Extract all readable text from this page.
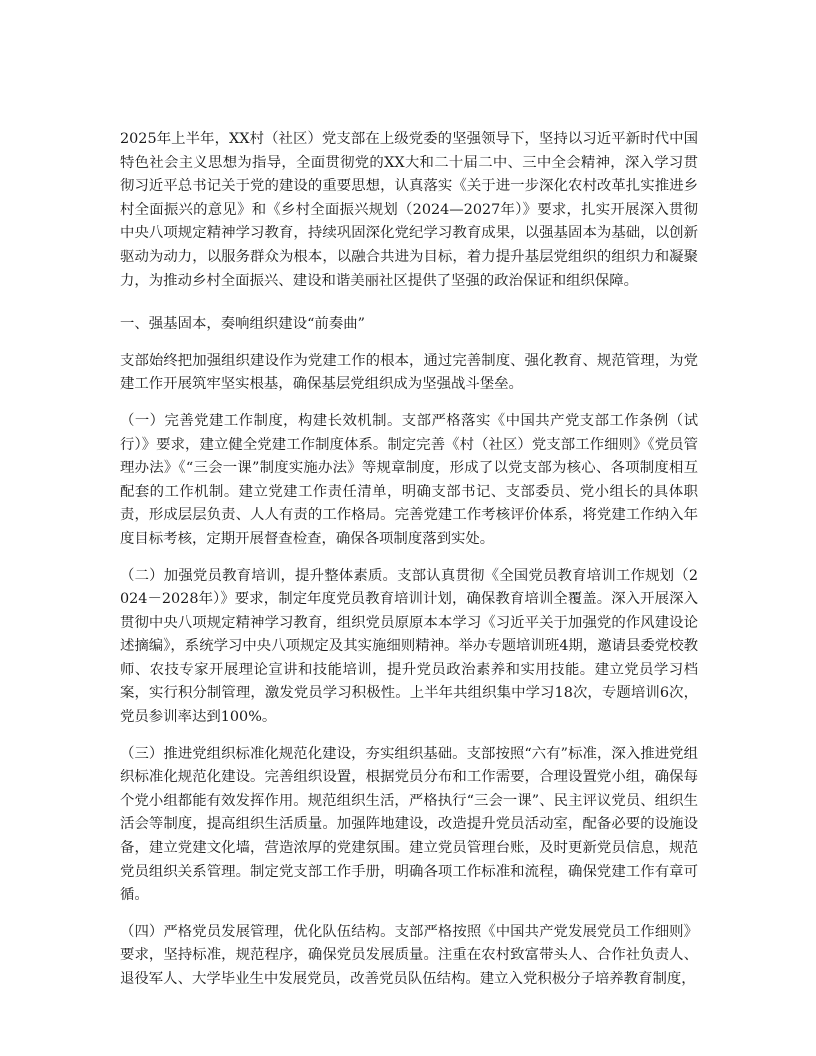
2025年上半年，XX村（社区）党支部在上级党委的坚强领导下，坚持以习近平新时代中国特色社会主义思想为指导，全面贯彻党的XX大和二十届二中、三中全会精神，深入学习贯彻习近平总书记关于党的建设的重要思想，认真落实《关于进一步深化农村改革扎实推进乡村全面振兴的意见》和《乡村全面振兴规划（2024—2027年）》要求，扎实开展深入贯彻中央八项规定精神学习教育，持续巩固深化党纪学习教育成果，以强基固本为基础，以创新驱动为动力，以服务群众为根本，以融合共进为目标，着力提升基层党组织的组织力和凝聚力，为推动乡村全面振兴、建设和谐美丽社区提供了坚强的政治保证和组织保障。

一、强基固本，奏响组织建设“前奏曲”

支部始终把加强组织建设作为党建工作的根本，通过完善制度、强化教育、规范管理，为党建工作开展筑牢坚实根基，确保基层党组织成为坚强战斗堡垒。

（一）完善党建工作制度，构建长效机制。支部严格落实《中国共产党支部工作条例（试行）》要求，建立健全党建工作制度体系。制定完善《村（社区）党支部工作细则》《党员管理办法》《“三会一课”制度实施办法》等规章制度，形成了以党支部为核心、各项制度相互配套的工作机制。建立党建工作责任清单，明确支部书记、支部委员、党小组长的具体职责，形成层层负责、人人有责的工作格局。完善党建工作考核评价体系，将党建工作纳入年度目标考核，定期开展督查检查，确保各项制度落到实处。

（二）加强党员教育培训，提升整体素质。支部认真贯彻《全国党员教育培训工作规划（2024－2028年）》要求，制定年度党员教育培训计划，确保教育培训全覆盖。深入开展深入贯彻中央八项规定精神学习教育，组织党员原原本本学习《习近平关于加强党的作风建设论述摘编》，系统学习中央八项规定及其实施细则精神。举办专题培训班4期，邀请县委党校教师、农技专家开展理论宣讲和技能培训，提升党员政治素养和实用技能。建立党员学习档案，实行积分制管理，激发党员学习积极性。上半年共组织集中学习18次，专题培训6次，党员参训率达到100%。

（三）推进党组织标准化规范化建设，夯实组织基础。支部按照“六有”标准，深入推进党组织标准化规范化建设。完善组织设置，根据党员分布和工作需要，合理设置党小组，确保每个党小组都能有效发挥作用。规范组织生活，严格执行“三会一课”、民主评议党员、组织生活会等制度，提高组织生活质量。加强阵地建设，改造提升党员活动室，配备必要的设施设备，建立党建文化墙，营造浓厚的党建氛围。建立党员管理台账，及时更新党员信息，规范党员组织关系管理。制定党支部工作手册，明确各项工作标准和流程，确保党建工作有章可循。

（四）严格党员发展管理，优化队伍结构。支部严格按照《中国共产党发展党员工作细则》要求，坚持标准，规范程序，确保党员发展质量。注重在农村致富带头人、合作社负责人、退役军人、大学毕业生中发展党员，改善党员队伍结构。建立入党积极分子培养教育制度，
